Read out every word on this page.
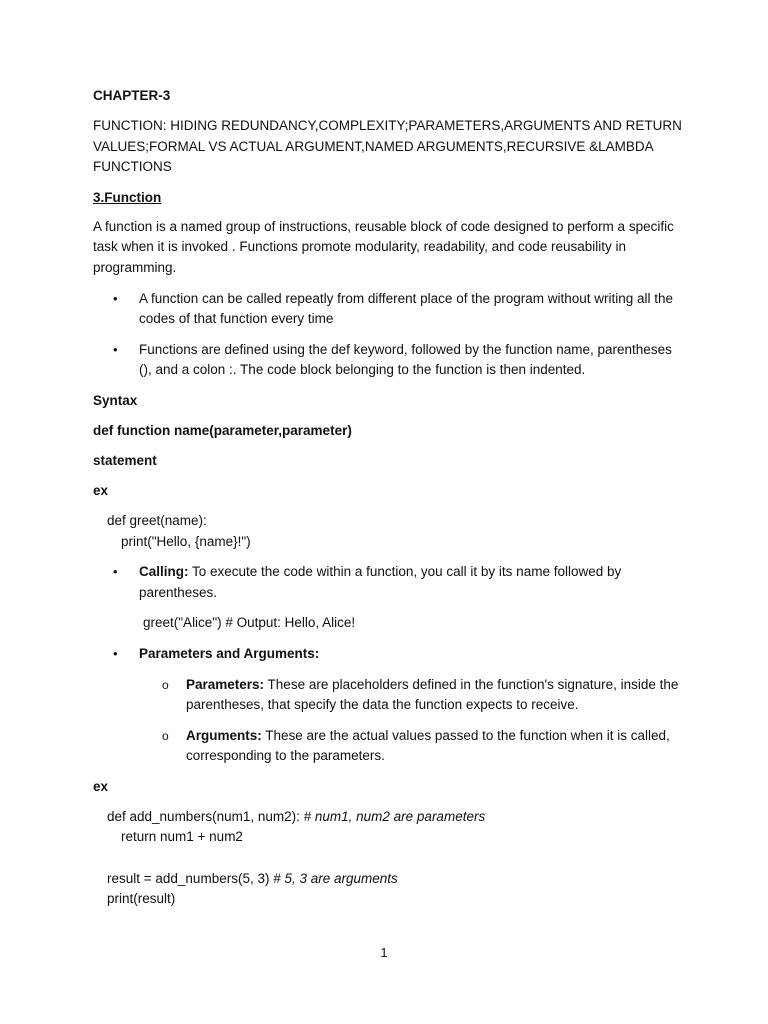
CHAPTER-3

FUNCTION: HIDING REDUNDANCY,COMPLEXITY;PARAMETERS,ARGUMENTS AND RETURN VALUES;FORMAL VS ACTUAL ARGUMENT,NAMED ARGUMENTS,RECURSIVE &LAMBDA FUNCTIONS

3.Function

A function is a named group of instructions, reusable block of code designed to perform a specific task when it is invoked . Functions promote modularity, readability, and code reusability in programming.

• A function can be called repeatly from different place of the program without writing all the codes of that function every time
• Functions are defined using the def keyword, followed by the function name, parentheses (), and a colon :. The code block belonging to the function is then indented.

Syntax

def function name(parameter,parameter)

statement

ex

def greet(name):
print("Hello, {name}!")
• Calling: To execute the code within a function, you call it by its name followed by parentheses.

greet("Alice") # Output: Hello, Alice!

• Parameters and Arguments:
o Parameters: These are placeholders defined in the function's signature, inside the parentheses, that specify the data the function expects to receive.
o Arguments: These are the actual values passed to the function when it is called, corresponding to the parameters.

ex

def add_numbers(num1, num2): # num1, num2 are parameters
return num1 + num2
result = add_numbers(5, 3) # 5, 3 are arguments
print(result)
1
